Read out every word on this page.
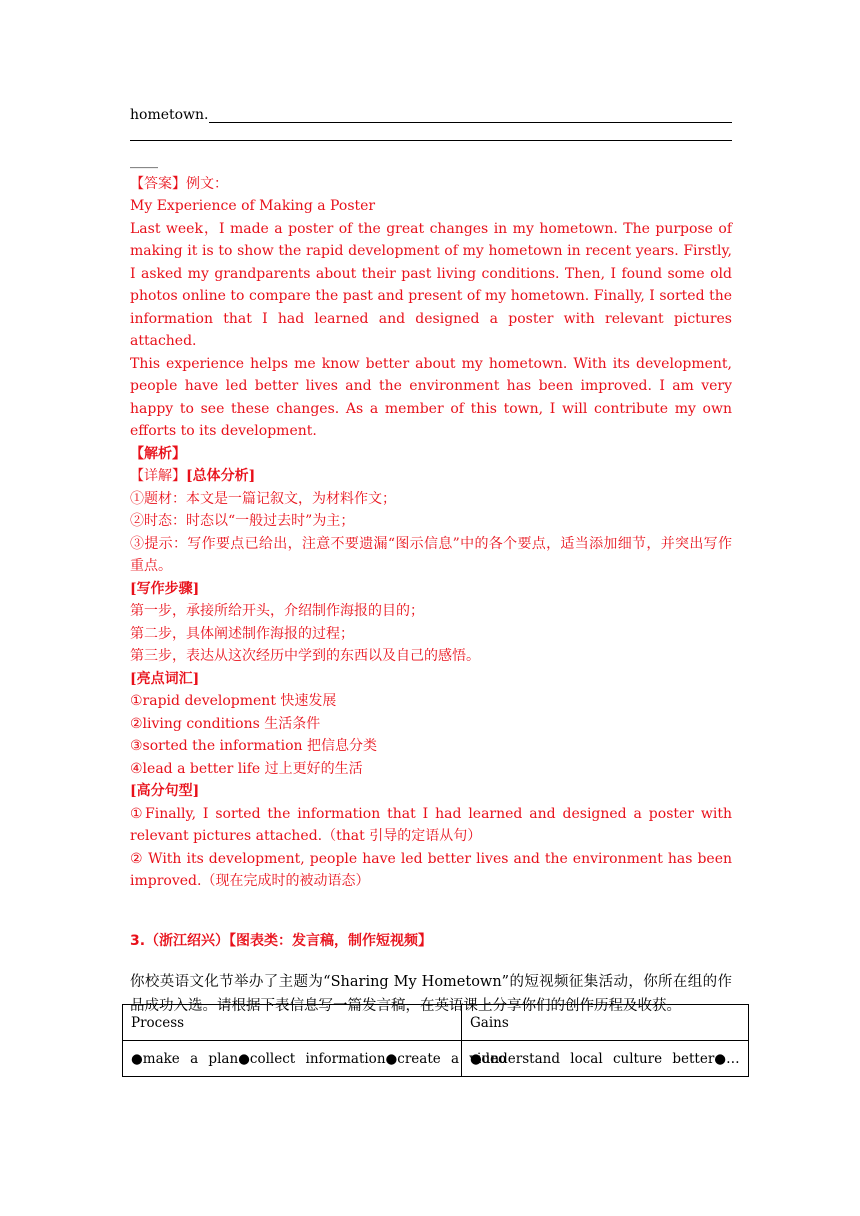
hometown.
____
【答案】例文：
My Experience of Making a Poster
Last week，I made a poster of the great changes in my hometown. The purpose of making it is to show the rapid development of my hometown in recent years. Firstly, I asked my grandparents about their past living conditions. Then, I found some old photos online to compare the past and present of my hometown. Finally, I sorted the information that I had learned and designed a poster with relevant pictures attached.
This experience helps me know better about my hometown. With its development, people have led better lives and the environment has been improved. I am very happy to see these changes. As a member of this town, I will contribute my own efforts to its development.
【解析】
【详解】[总体分析]
①题材：本文是一篇记叙文，为材料作文；
②时态：时态以“一般过去时”为主；
③提示：写作要点已给出，注意不要遗漏“图示信息”中的各个要点，适当添加细节，并突出写作重点。
[写作步骤]
第一步，承接所给开头，介绍制作海报的目的；
第二步，具体阐述制作海报的过程；
第三步，表达从这次经历中学到的东西以及自己的感悟。
[亮点词汇]
①rapid development 快速发展
②living conditions 生活条件
③sorted the information 把信息分类
④lead a better life 过上更好的生活
[高分句型]
①Finally, I sorted the information that I had learned and designed a poster with relevant pictures attached.（that 引导的定语从句）
② With its development, people have led better lives and the environment has been improved.（现在完成时的被动语态）
3.（浙江绍兴）【图表类：发言稿，制作短视频】
你校英语文化节举办了主题为“Sharing My Hometown”的短视频征集活动，你所在组的作品成功入选。请根据下表信息写一篇发言稿，在英语课上分享你们的创作历程及收获。
Process	Gains
●make a plan●collect information●create a video	●understand local culture better●…
